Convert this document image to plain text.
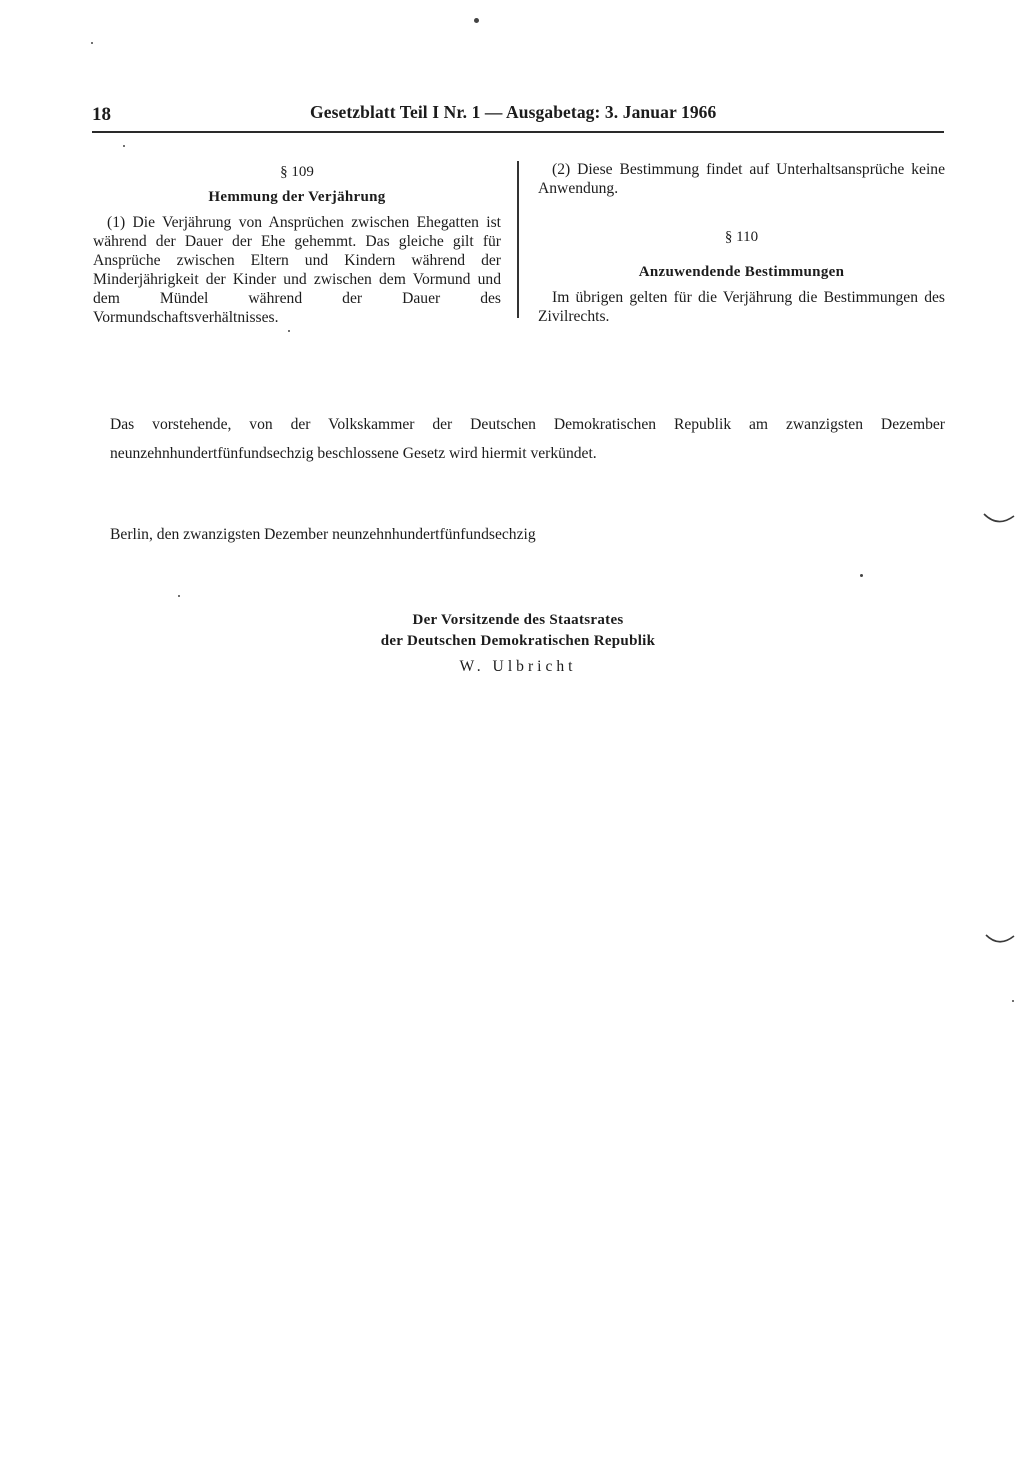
18	Gesetzblatt Teil I Nr. 1 — Ausgabetag: 3. Januar 1966
§ 109
Hemmung der Verjährung

(1) Die Verjährung von Ansprüchen zwischen Ehegatten ist während der Dauer der Ehe gehemmt. Das gleiche gilt für Ansprüche zwischen Eltern und Kindern während der Minderjährigkeit der Kinder und zwischen dem Vormund und dem Mündel während der Dauer des Vormundschaftsverhältnisses.

(2) Diese Bestimmung findet auf Unterhaltsansprüche keine Anwendung.

§ 110
Anzuwendende Bestimmungen

Im übrigen gelten für die Verjährung die Bestimmungen des Zivilrechts.

Das vorstehende, von der Volkskammer der Deutschen Demokratischen Republik am zwanzigsten Dezember neunzehnhundertfünfundsechzig beschlossene Gesetz wird hiermit verkündet.

Berlin, den zwanzigsten Dezember neunzehnhundertfünfundsechzig

Der Vorsitzende des Staatsrates
der Deutschen Demokratischen Republik
W. Ulbricht
